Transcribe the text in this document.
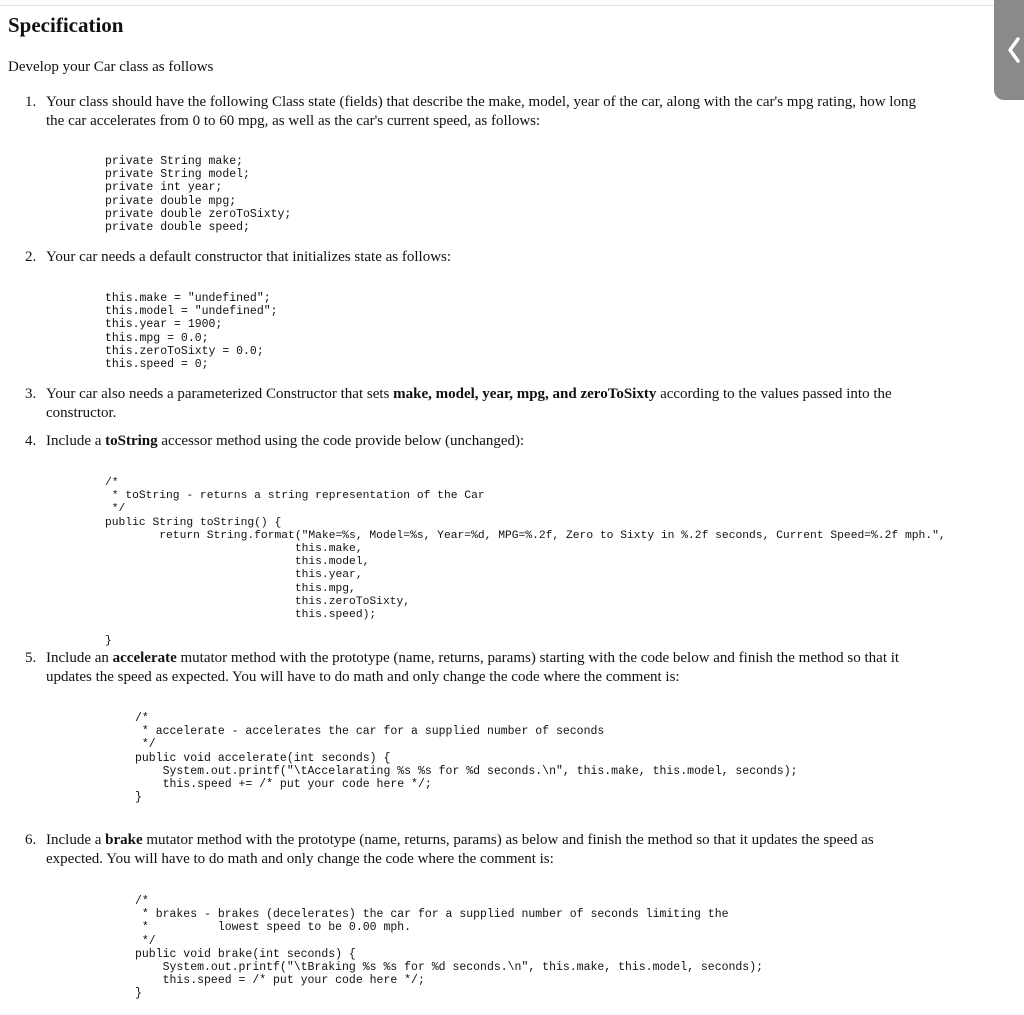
Specification
Develop your Car class as follows
1. Your class should have the following Class state (fields) that describe the make, model, year of the car, along with the car's mpg rating, how long the car accelerates from 0 to 60 mpg, as well as the car's current speed, as follows:
private String make;
private String model;
private int year;
private double mpg;
private double zeroToSixty;
private double speed;
2. Your car needs a default constructor that initializes state as follows:
this.make = "undefined";
this.model = "undefined";
this.year = 1900;
this.mpg = 0.0;
this.zeroToSixty = 0.0;
this.speed = 0;
3. Your car also needs a parameterized Constructor that sets make, model, year, mpg, and zeroToSixty according to the values passed into the constructor.
4. Include a toString accessor method using the code provide below (unchanged):
/*
* toString - returns a string representation of the Car
*/
public String toString() {
return String.format("Make=%s, Model=%s, Year=%d, MPG=%.2f, Zero to Sixty in %.2f seconds, Current Speed=%.2f mph.",
this.make,
this.model,
this.year,
this.mpg,
this.zeroToSixty,
this.speed);

}
5. Include an accelerate mutator method with the prototype (name, returns, params) starting with the code below and finish the method so that it updates the speed as expected. You will have to do math and only change the code where the comment is:
/*
* accelerate - accelerates the car for a supplied number of seconds
*/
public void accelerate(int seconds) {
System.out.printf("\tAccelarating %s %s for %d seconds.\n", this.make, this.model, seconds);
this.speed += /* put your code here */;
}
6. Include a brake mutator method with the prototype (name, returns, params) as below and finish the method so that it updates the speed as expected. You will have to do math and only change the code where the comment is:
/*
* brakes - brakes (decelerates) the car for a supplied number of seconds limiting the
*          lowest speed to be 0.00 mph.
*/
public void brake(int seconds) {
System.out.printf("\tBraking %s %s for %d seconds.\n", this.make, this.model, seconds);
this.speed = /* put your code here */;
}
